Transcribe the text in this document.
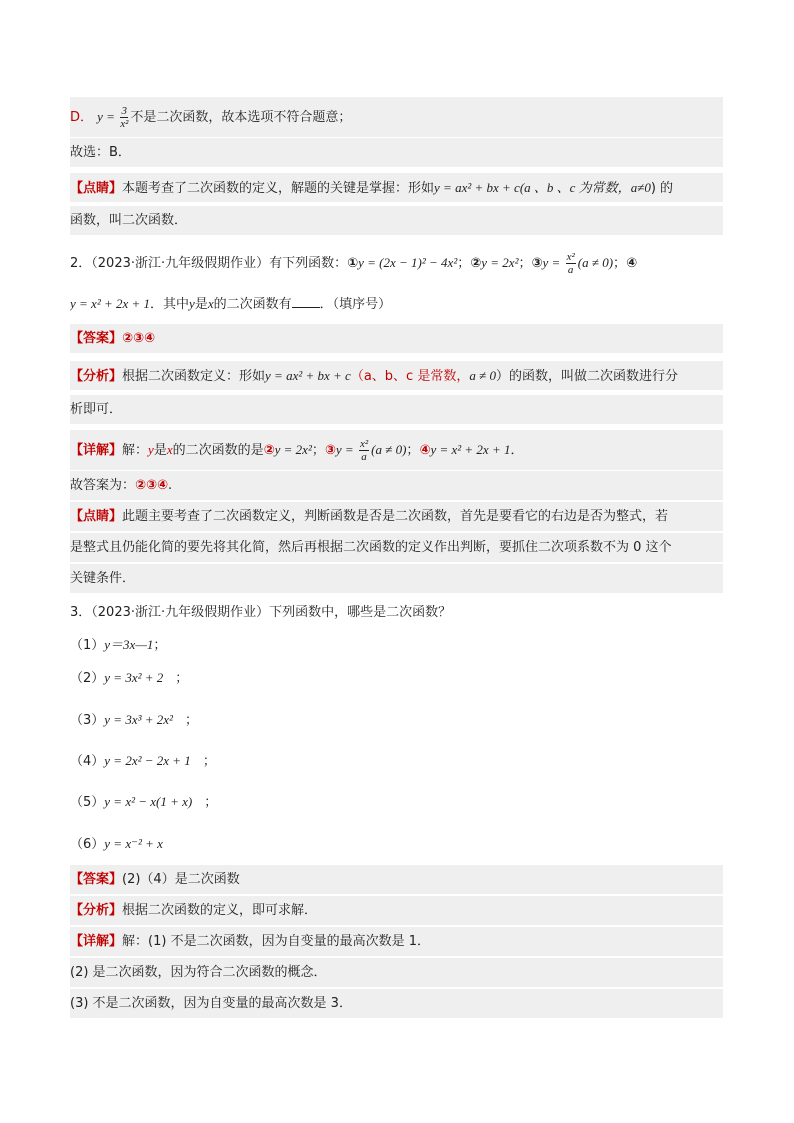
D． $y = \frac{3}{\text{x²}}$ 不是二次函数，故本选项不符合题意；
故选：B．
【点睛】本题考查了二次函数的定义，解题的关键是掌握：形如y = ax² + bx + c(a 、b 、c 为常数，a≠0) 的
函数，叫二次函数．
2．（2023·浙江·九年级假期作业）有下列函数：①y = (2x − 1)² − 4x²；②y = 2x²；③y = $\frac{\text{x²}}{a} (a \ne 0)$；④
y = x² + 2x + 1．其中y是x的二次函数有 ．（填序号）
【答案】②③④
【分析】根据二次函数定义：形如y = ax² + bx + c（a、b、c 是常数，a ≠ 0）的函数，叫做二次函数进行分
析即可．
【详解】解：y是x的二次函数的是②y = 2x²；③y = $\frac{\text{x²}}{a} (a \ne 0)$；④y = x² + 2x + 1．
故答案为：②③④.
【点睛】此题主要考查了二次函数定义，判断函数是否是二次函数，首先是要看它的右边是否为整式，若
是整式且仍能化简的要先将其化简，然后再根据二次函数的定义作出判断，要抓住二次项系数不为 0 这个
关键条件．
3．（2023·浙江·九年级假期作业）下列函数中，哪些是二次函数？
（1）y＝3x—1；
（2）y = 3x² + 2 ；
（3）y = 3x³ + 2x² ；
（4）y = 2x² − 2x + 1 ；
（5）y = x² − x(1 + x) ；
（6）y = x⁻² + x
【答案】(2)（4）是二次函数
【分析】根据二次函数的定义，即可求解．
【详解】解：(1) 不是二次函数，因为自变量的最高次数是 1．
(2) 是二次函数，因为符合二次函数的概念．
(3) 不是二次函数，因为自变量的最高次数是 3．
